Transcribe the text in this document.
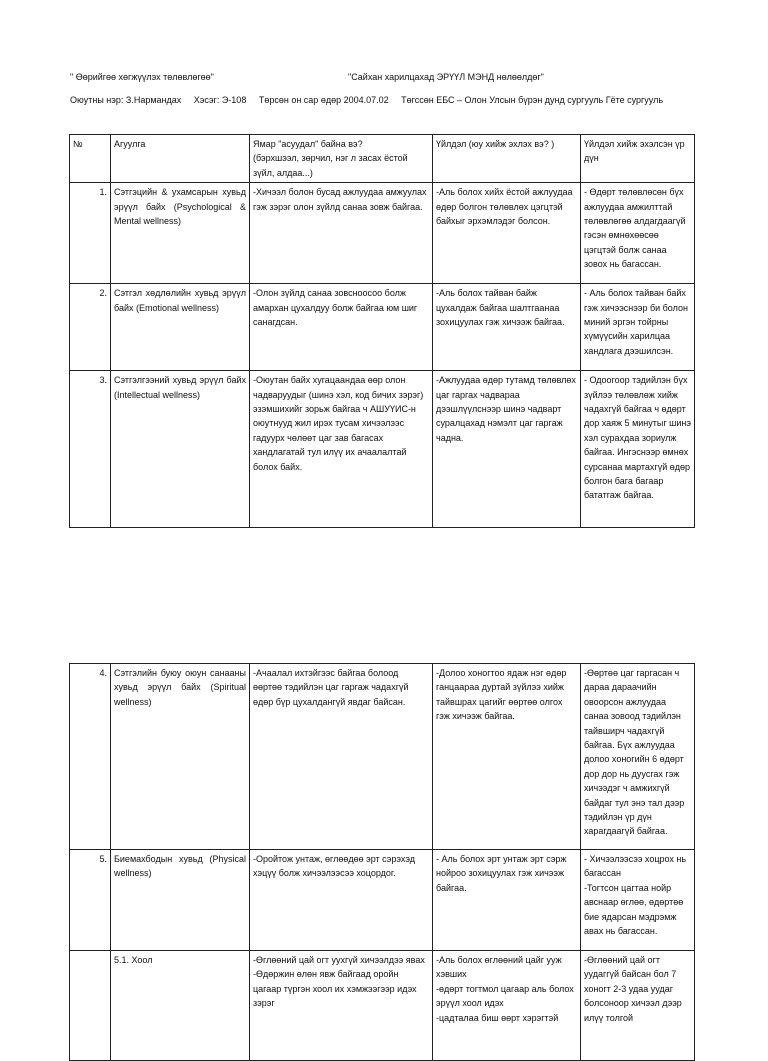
" Өөрийгөө хөгжүүлэх төлөвлөгөө"	"Сайхан харилцахад ЭРҮҮЛ МЭНД нөлөөлдөг"
Оюутны нэр: З.Нармандах Хэсэг: Э-108 Төрсөн он сар өдөр 2004.07.02 Төгссөн ЕБС – Олон Улсын бүрэн дунд сургууль Гёте сургууль
№	Агуулга	Ямар "асуудал" байна вэ?
(бэрхшээл, зөрчил, нэг л засах ёстой зүйл, алдаа...)	Үйлдэл (юу хийж эхлэх вэ? )	Үйлдэл хийж эхэлсэн үр дүн

1.	Сэтгэцийн & ухамсарын хувьд эрүүл байх (Psychological & Mental wellness)	-Хичээл болон бусад ажлуудаа амжуулах гэж зэрэг олон зүйлд санаа зовж байгаа.	-Аль болох хийх ёстой ажлуудаа өдөр болгон төлөвлөх цэгцтэй байхыг эрхэмлэдэг болсон.	- Өдөрт төлөвлөсөн бүх ажлуудаа амжилттай төлөвлөгөө алдагдаагүй гэсэн өмнөхөөсөө цэгцтэй болж санаа зовох нь багассан.

2.	Сэтгэл хөдлөлийн хувьд эрүүл байх (Emotional wellness)	-Олон зүйлд санаа зовсноосоо болж амархан цухалдуу болж байгаа юм шиг санагдсан.	-Аль болох тайван байж цухалдаж байгаа шалтгаанаа зохицуулах гэж хичээж байгаа.	- Аль болох тайван байх гэж хичээснээр би болон миний эргэн тойрны хүмүүсийн харилцаа хандлага дээшилсэн.

3.	Сэтгэлгээний хувьд эрүүл байх (Intellectual wellness)	-Оюутан байх хугацаандаа өөр олон чадваруудыг (шинэ хэл, код бичих зэрэг) эзэмшихийг зорьж байгаа ч АШУҮИС-н оюутнууд жил ирэх тусам хичээлээс гадуурх чөлөөт цаг зав багасах хандлагатай тул илүү их ачаалалтай болох байх.	-Ажлуудаа өдөр тутамд төлөвлөх цаг гаргах чадвараа дээшлүүлснээр шинэ чадварт суралцахад нэмэлт цаг гаргаж чадна.	- Одоогоор тэдийлэн бүх зүйлээ төлөвлөж хийж чадахгүй байгаа ч өдөрт дор хаяж 5 минутыг шинэ хэл сурахдаа зориулж байгаа. Ингэснээр өмнөх сурсанаа мартахгүй өдөр болгон бага багаар бататгаж байгаа.
4.	Сэтгэлийн буюу оюун санааны хувьд эрүүл байх (Spiritual wellness)	-Ачаалал ихтэйгээс байгаа болоод өөртөө тэдийлэн цаг гаргаж чадахгүй өдөр бүр цухалдангүй явдаг байсан.	-Долоо хоногтоо ядаж нэг өдөр ганцаараа дуртай зүйлээ хийж тайвшрах цагийг өөртөө олгох гэж хичээж байгаа.	-Өөртөө цаг гаргасан ч дараа дараачийн овоорсон ажлуудаа санаа зовоод тэдийлэн тайвширч чадахгүй байгаа. Бүх ажлуудаа долоо хоногийн 6 өдөрт дор дор нь дуусгах гэж хичээдэг ч амжихгүй байдаг тул энэ тал дээр тэдийлэн үр дүн харагдаагүй байгаа.

5.	Биемахбодын хувьд (Physical wellness)	-Оройтож унтаж, өглөөдөө эрт сэрэхэд хэцүү болж хичээлээсээ хоцордог.	- Аль болох эрт унтаж эрт сэрж нойроо зохицуулах гэж хичээж байгаа.	- Хичээлээсээ хоцрох нь багассан
-Тогтсон цагтаа нойр авснаар өглөө, өдөртөө бие ядарсан мэдрэмж авах нь багассан.

	5.1. Хоол	-Өглөөний цай огт уухгүй хичээлдээ явах
-Өдөржин өлөн явж байгаад оройн цагаар түргэн хоол их хэмжээгээр идэх зэрэг	-Аль болох өглөөний цайг ууж хэвших
-өдөрт тогтмол цагаар аль болох эрүүл хоол идэх
-цадталаа биш өөрт хэрэгтэй	-Өглөөний цай огт уудаггүй байсан бол 7 хоногт 2-3 удаа уудаг болсоноор хичээл дээр илүү толгой
